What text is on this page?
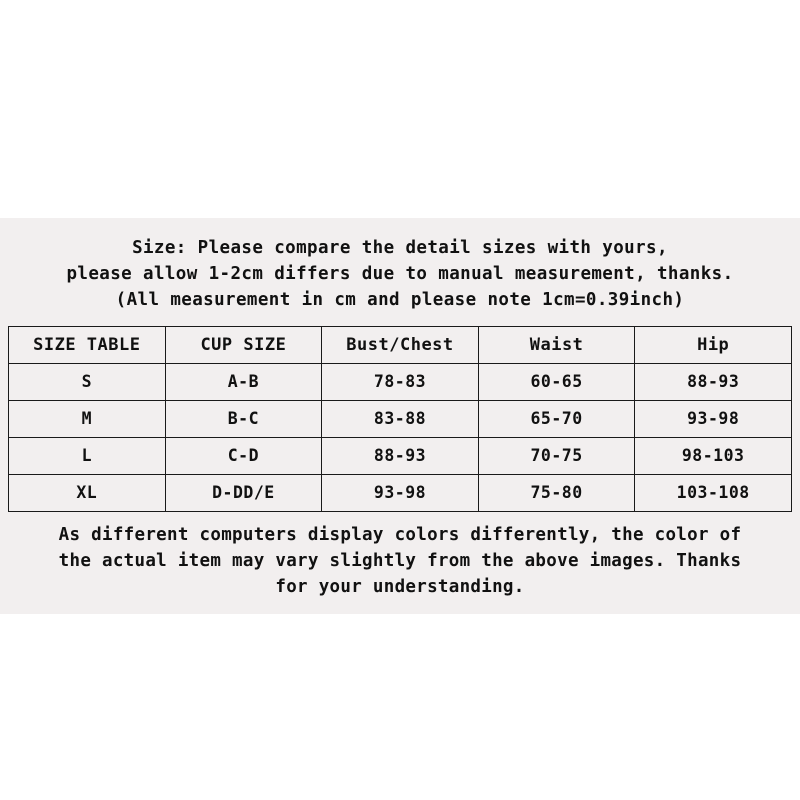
Size: Please compare the detail sizes with yours,
please allow 1-2cm differs due to manual measurement, thanks.
(All measurement in cm and please note 1cm=0.39inch)
SIZE TABLE	CUP SIZE	Bust/Chest	Waist	Hip
S	A-B	78-83	60-65	88-93
M	B-C	83-88	65-70	93-98
L	C-D	88-93	70-75	98-103
XL	D-DD/E	93-98	75-80	103-108
As different computers display colors differently, the color of
the actual item may vary slightly from the above images. Thanks
for your understanding.
